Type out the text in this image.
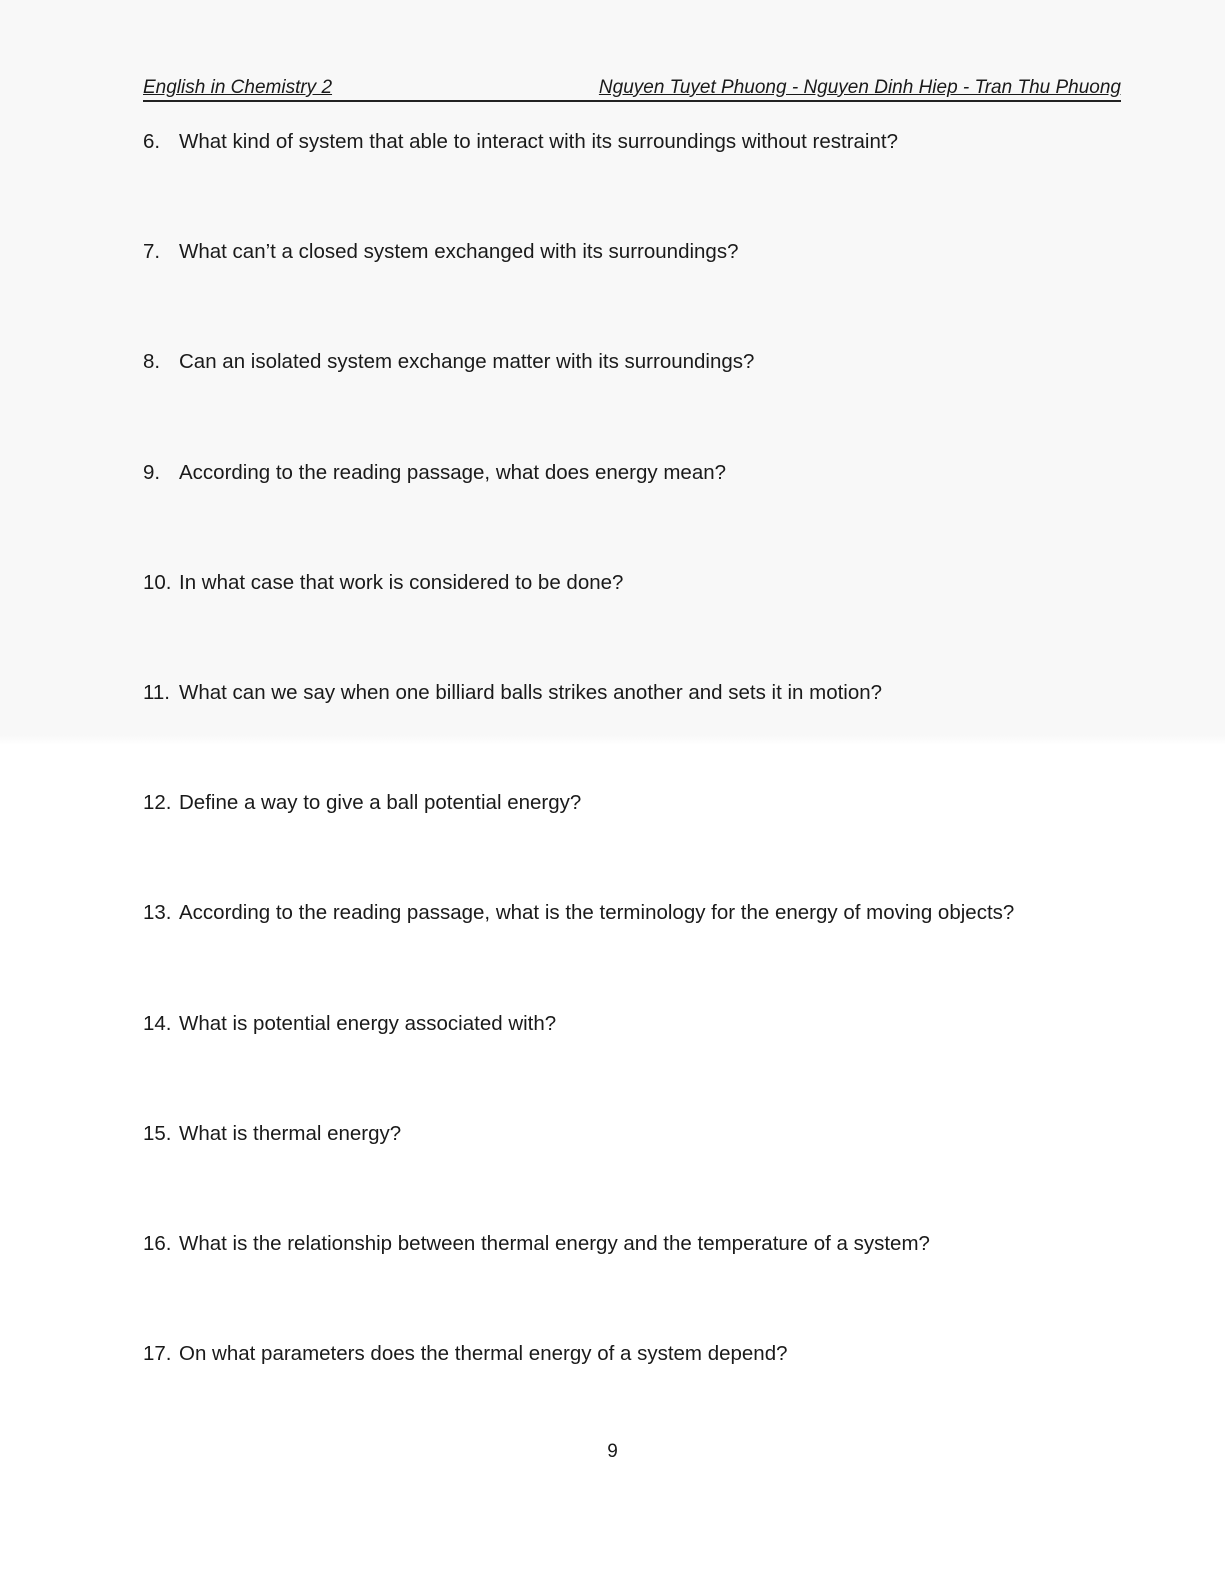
English in Chemistry 2	Nguyen Tuyet Phuong - Nguyen Dinh Hiep - Tran Thu Phuong
6. What kind of system that able to interact with its surroundings without restraint?
7. What can’t a closed system exchanged with its surroundings?
8. Can an isolated system exchange matter with its surroundings?
9. According to the reading passage, what does energy mean?
10. In what case that work is considered to be done?
11. What can we say when one billiard balls strikes another and sets it in motion?
12. Define a way to give a ball potential energy?
13. According to the reading passage, what is the terminology for the energy of moving objects?
14. What is potential energy associated with?
15. What is thermal energy?
16. What is the relationship between thermal energy and the temperature of a system?
17. On what parameters does the thermal energy of a system depend?
9
